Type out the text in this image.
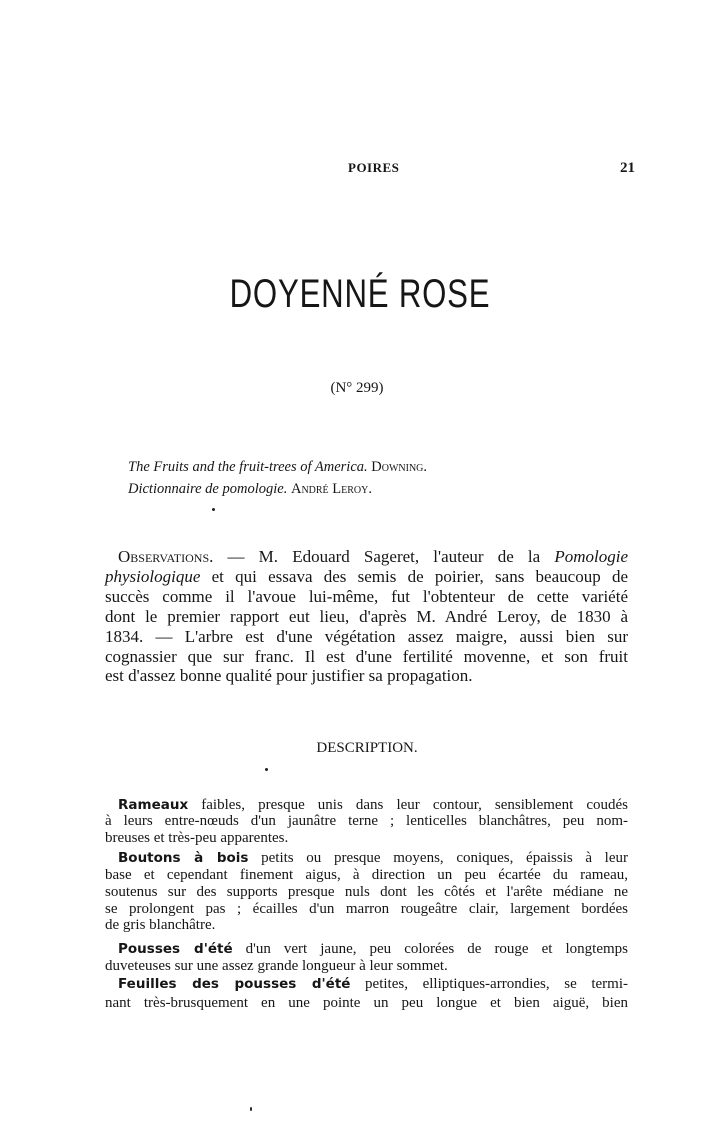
POIRES	21
DOYENNÉ ROSE
(N° 299)
The Fruits and the fruit-trees of America. Downing.
Dictionnaire de pomologie. André Leroy.
Observations. — M. Edouard Sageret, l'auteur de la Pomologie
physiologique et qui essava des semis de poirier, sans beaucoup de
succès comme il l'avoue lui-même, fut l'obtenteur de cette variété
dont le premier rapport eut lieu, d'après M. André Leroy, de 1830 à
1834. — L'arbre est d'une végétation assez maigre, aussi bien sur
cognassier que sur franc. Il est d'une fertilité movenne, et son fruit
est d'assez bonne qualité pour justifier sa propagation.
DESCRIPTION.
Rameaux faibles, presque unis dans leur contour, sensiblement coudés
à leurs entre-nœuds d'un jaunâtre terne ; lenticelles blanchâtres, peu nom-
breuses et très-peu apparentes.
Boutons à bois petits ou presque moyens, coniques, épaissis à leur
base et cependant finement aigus, à direction un peu écartée du rameau,
soutenus sur des supports presque nuls dont les côtés et l'arête médiane ne
se prolongent pas ; écailles d'un marron rougeâtre clair, largement bordées
de gris blanchâtre.
Pousses d'été d'un vert jaune, peu colorées de rouge et longtemps
duveteuses sur une assez grande longueur à leur sommet.
Feuilles des pousses d'été petites, elliptiques-arrondies, se termi-
nant très-brusquement en une pointe un peu longue et bien aiguë, bien
